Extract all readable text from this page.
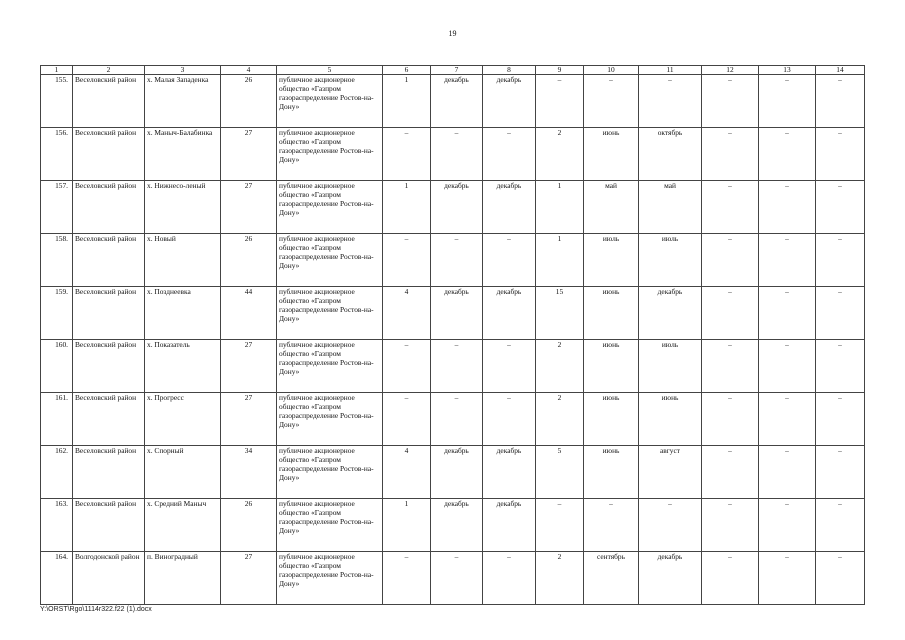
19
1	2	3	4	5	6	7	8	9	10	11	12	13	14
155.	Веселовский район	х. Малая Западенка	26	публичное акционерное общество «Газпром газораспределение Ростов-на-Дону»	1	декабрь	декабрь	–	–	–	–	–	–
156.	Веселовский район	х. Маныч-Балабинка	27	публичное акционерное общество «Газпром газораспределение Ростов-на-Дону»	–	–	–	2	июнь	октябрь	–	–	–
157.	Веселовский район	х. Нижнесо-леный	27	публичное акционерное общество «Газпром газораспределение Ростов-на-Дону»	1	декабрь	декабрь	1	май	май	–	–	–
158.	Веселовский район	х. Новый	26	публичное акционерное общество «Газпром газораспределение Ростов-на-Дону»	–	–	–	1	июль	июль	–	–	–
159.	Веселовский район	х. Позднеевка	44	публичное акционерное общество «Газпром газораспределение Ростов-на-Дону»	4	декабрь	декабрь	15	июнь	декабрь	–	–	–
160.	Веселовский район	х. Показатель	27	публичное акционерное общество «Газпром газораспределение Ростов-на-Дону»	–	–	–	2	июнь	июль	–	–	–
161.	Веселовский район	х. Прогресс	27	публичное акционерное общество «Газпром газораспределение Ростов-на-Дону»	–	–	–	2	июнь	июнь	–	–	–
162.	Веселовский район	х. Спорный	34	публичное акционерное общество «Газпром газораспределение Ростов-на-Дону»	4	декабрь	декабрь	5	июнь	август	–	–	–
163.	Веселовский район	х. Средний Маныч	26	публичное акционерное общество «Газпром газораспределение Ростов-на-Дону»	1	декабрь	декабрь	–	–	–	–	–	–
164.	Волгодонской район	п. Виноградный	27	публичное акционерное общество «Газпром газораспределение Ростов-на-Дону»	–	–	–	2	сентябрь	декабрь	–	–	–
Y:\ORST\Rgo\1114r322.f22 (1).docx
